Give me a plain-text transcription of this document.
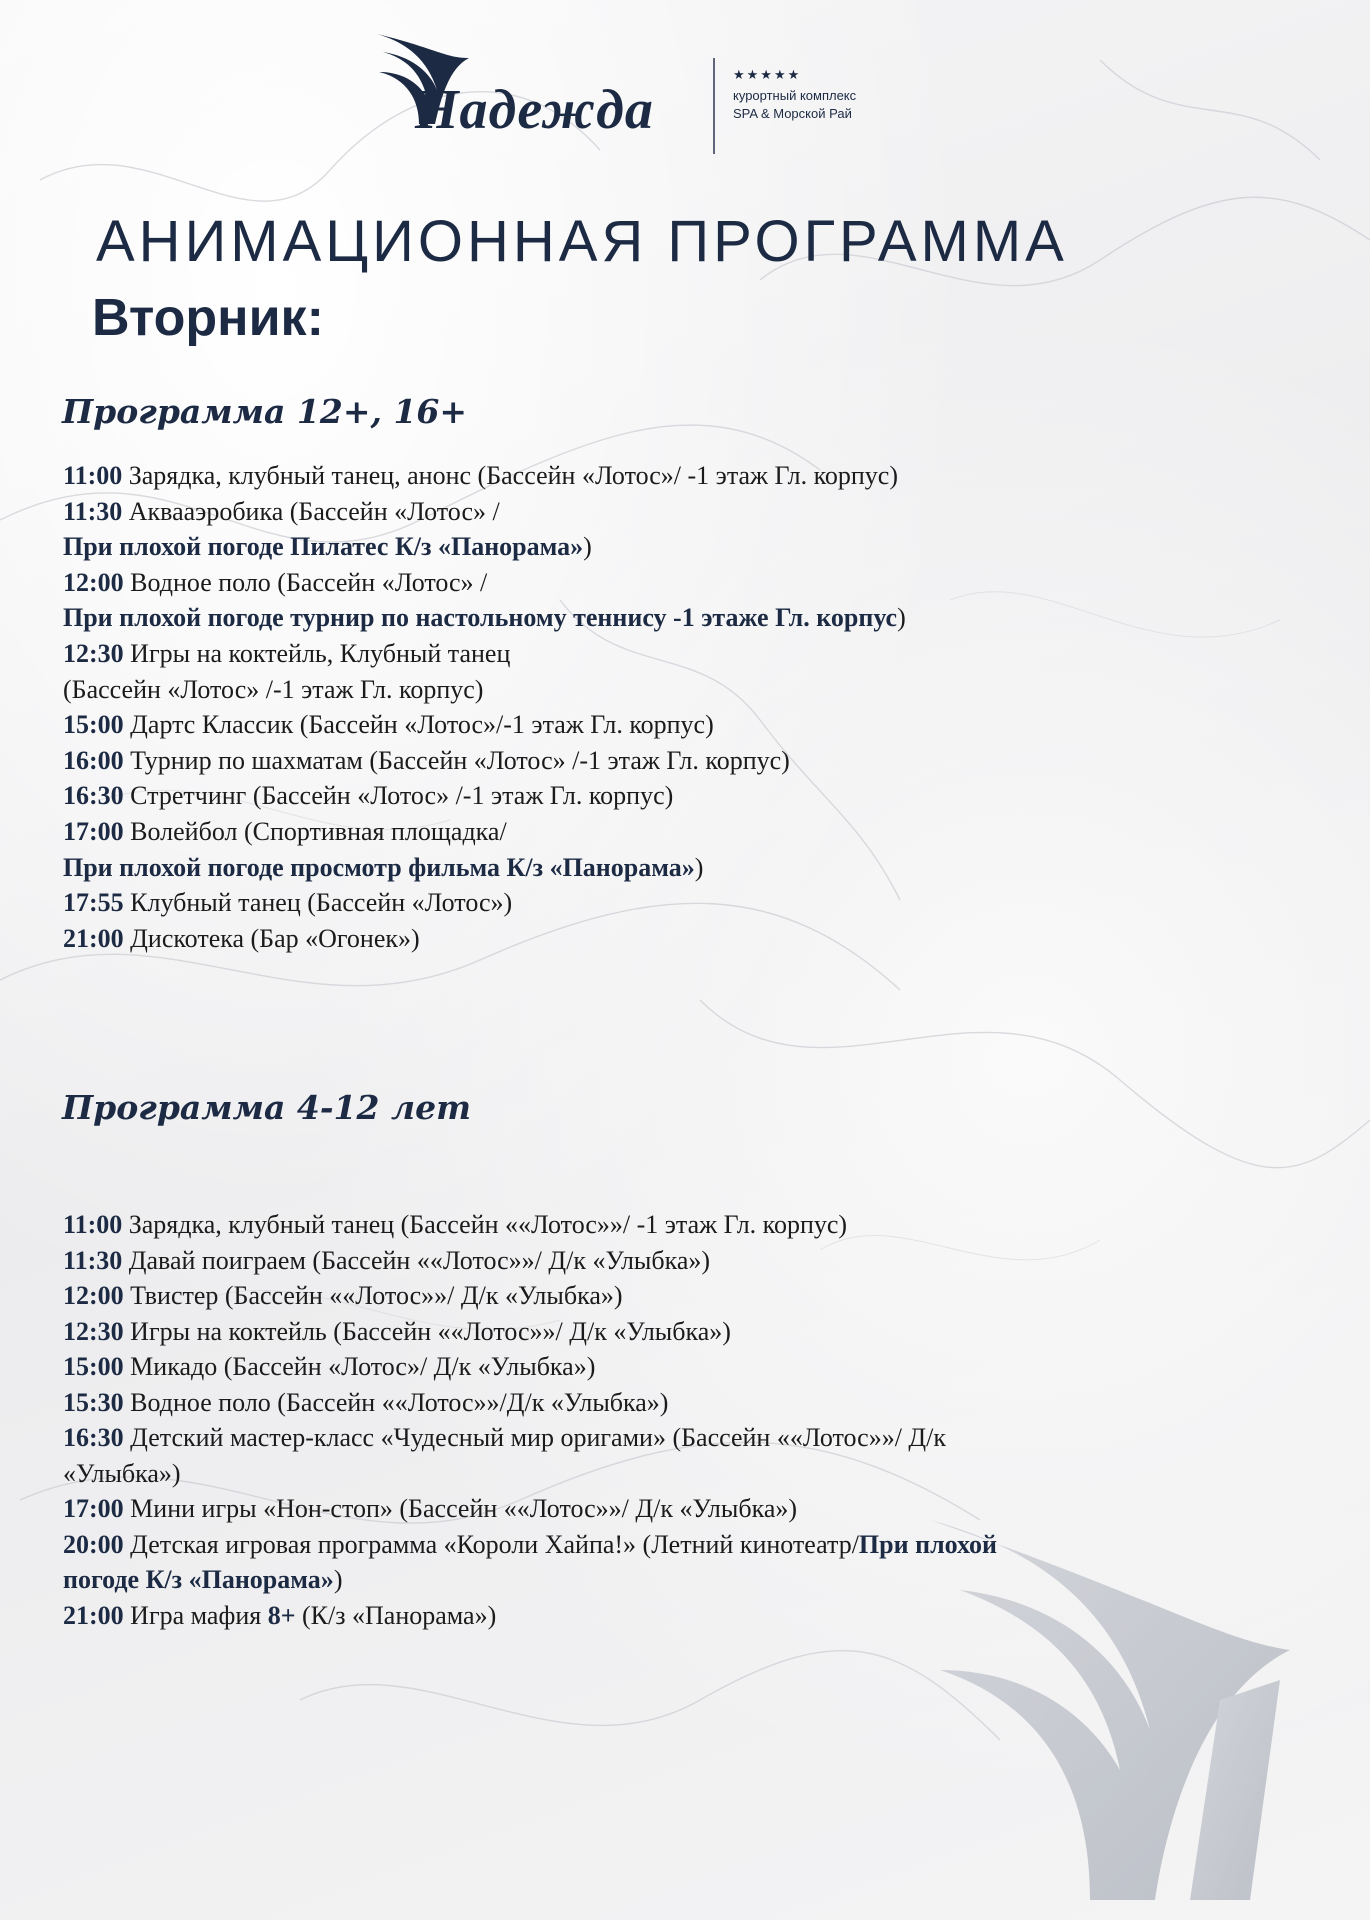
Надежда
★★★★★
курортный комплекс
SPA & Морской Рай
АНИМАЦИОННАЯ ПРОГРАММА
Вторник:
Программа 12+, 16+
11:00 Зарядка, клубный танец, анонс (Бассейн «Лотос»/ -1 этаж Гл. корпус)
11:30 Аквааэробика (Бассейн «Лотос» /
При плохой погоде Пилатес К/з «Панорама»)
12:00 Водное поло (Бассейн «Лотос» /
При плохой погоде турнир по настольному теннису -1 этаже Гл. корпус)
12:30 Игры на коктейль, Клубный танец
(Бассейн «Лотос» /-1 этаж Гл. корпус)
15:00 Дартс Классик (Бассейн «Лотос»/-1 этаж Гл. корпус)
16:00 Турнир по шахматам (Бассейн «Лотос» /-1 этаж Гл. корпус)
16:30 Стретчинг (Бассейн «Лотос» /-1 этаж Гл. корпус)
17:00 Волейбол (Спортивная площадка/
При плохой погоде просмотр фильма К/з «Панорама»)
17:55 Клубный танец (Бассейн «Лотос»)
21:00 Дискотека (Бар «Огонек»)
Программа 4-12 лет
11:00 Зарядка, клубный танец (Бассейн ««Лотос»»/ -1 этаж Гл. корпус)
11:30 Давай поиграем (Бассейн ««Лотос»»/ Д/к «Улыбка»)
12:00 Твистер (Бассейн ««Лотос»»/ Д/к «Улыбка»)
12:30 Игры на коктейль (Бассейн ««Лотос»»/ Д/к «Улыбка»)
15:00 Микадо (Бассейн «Лотос»/ Д/к «Улыбка»)
15:30 Водное поло (Бассейн ««Лотос»»/Д/к «Улыбка»)
16:30 Детский мастер-класс «Чудесный мир оригами» (Бассейн ««Лотос»»/ Д/к
«Улыбка»)
17:00 Мини игры «Нон-стоп» (Бассейн ««Лотос»»/ Д/к «Улыбка»)
20:00 Детская игровая программа «Короли Хайпа!» (Летний кинотеатр/При плохой
погоде К/з «Панорама»)
21:00 Игра мафия 8+ (К/з «Панорама»)
